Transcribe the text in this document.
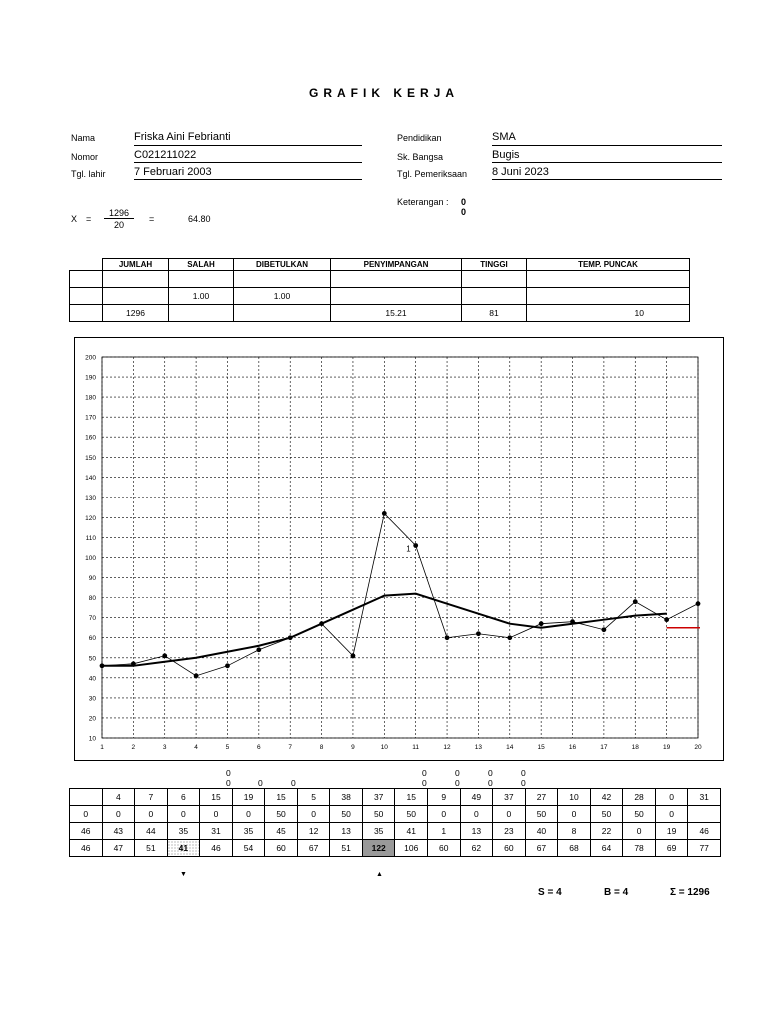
GRAFIK KERJA
Nama	Friska Aini Febrianti
Nomor	C021211022
Tgl. lahir	7 Februari 2003
Pendidikan	SMA
Sk. Bangsa	Bugis
Tgl. Pemeriksaan 8 Juni 2023
Keterangan : 0
0
X =
1296
20
=	64.80
	JUMLAH	SALAH	DIBETULKAN	PENYIMPANGAN	TINGGI	TEMP. PUNCAK

		1.00	1.00			
	1296			15.21	81	10
10
20
30
40
50
60
70
80
90
100
110
120
130
140
150
160
170
180
190
200
1	2	3	4	5	6	7	8	9	10	11	12	13	14	15	16	17	18	19	20
1
0	0	0	0	0
0	0	0	0	0	0	0
	4	7	6	15	19	15	5	38	37	15	9	49	37	27	10	42	28	0	31
0	0	0	0	0	0	50	0	50	50	50	0	0	0	50	0	50	50	0	
46	43	44	35	31	35	45	12	13	35	41	1	13	23	40	8	22	0	19	46
46	47	51	41	46	54	60	67	51	122	106	60	62	60	67	68	64	78	69	77
▼	▲
S = 4	B = 4	Σ = 1296
